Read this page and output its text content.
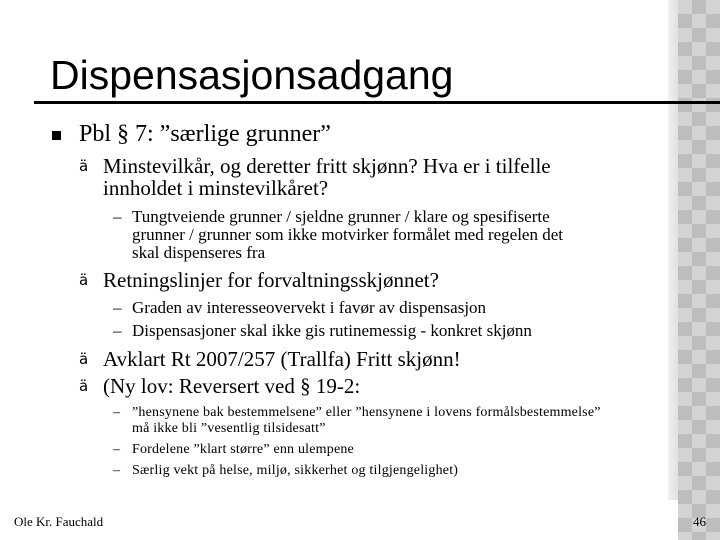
Dispensasjonsadgang
Pbl § 7: ”særlige grunner”
ä Minstevilkår, og deretter fritt skjønn? Hva er i tilfelle
innholdet i minstevilkåret?
– Tungtveiende grunner / sjeldne grunner / klare og spesifiserte
grunner / grunner som ikke motvirker formålet med regelen det
skal dispenseres fra
ä Retningslinjer for forvaltningsskjønnet?
– Graden av interesseovervekt i favør av dispensasjon
– Dispensasjoner skal ikke gis rutinemessig - konkret skjønn
ä Avklart Rt 2007/257 (Trallfa) Fritt skjønn!
ä (Ny lov: Reversert ved § 19-2:
– ”hensynene bak bestemmelsene” eller ”hensynene i lovens formålsbestemmelse”
må ikke bli ”vesentlig tilsidesatt”
– Fordelene ”klart større” enn ulempene
– Særlig vekt på helse, miljø, sikkerhet og tilgjengelighet)
Ole Kr. Fauchald	46
